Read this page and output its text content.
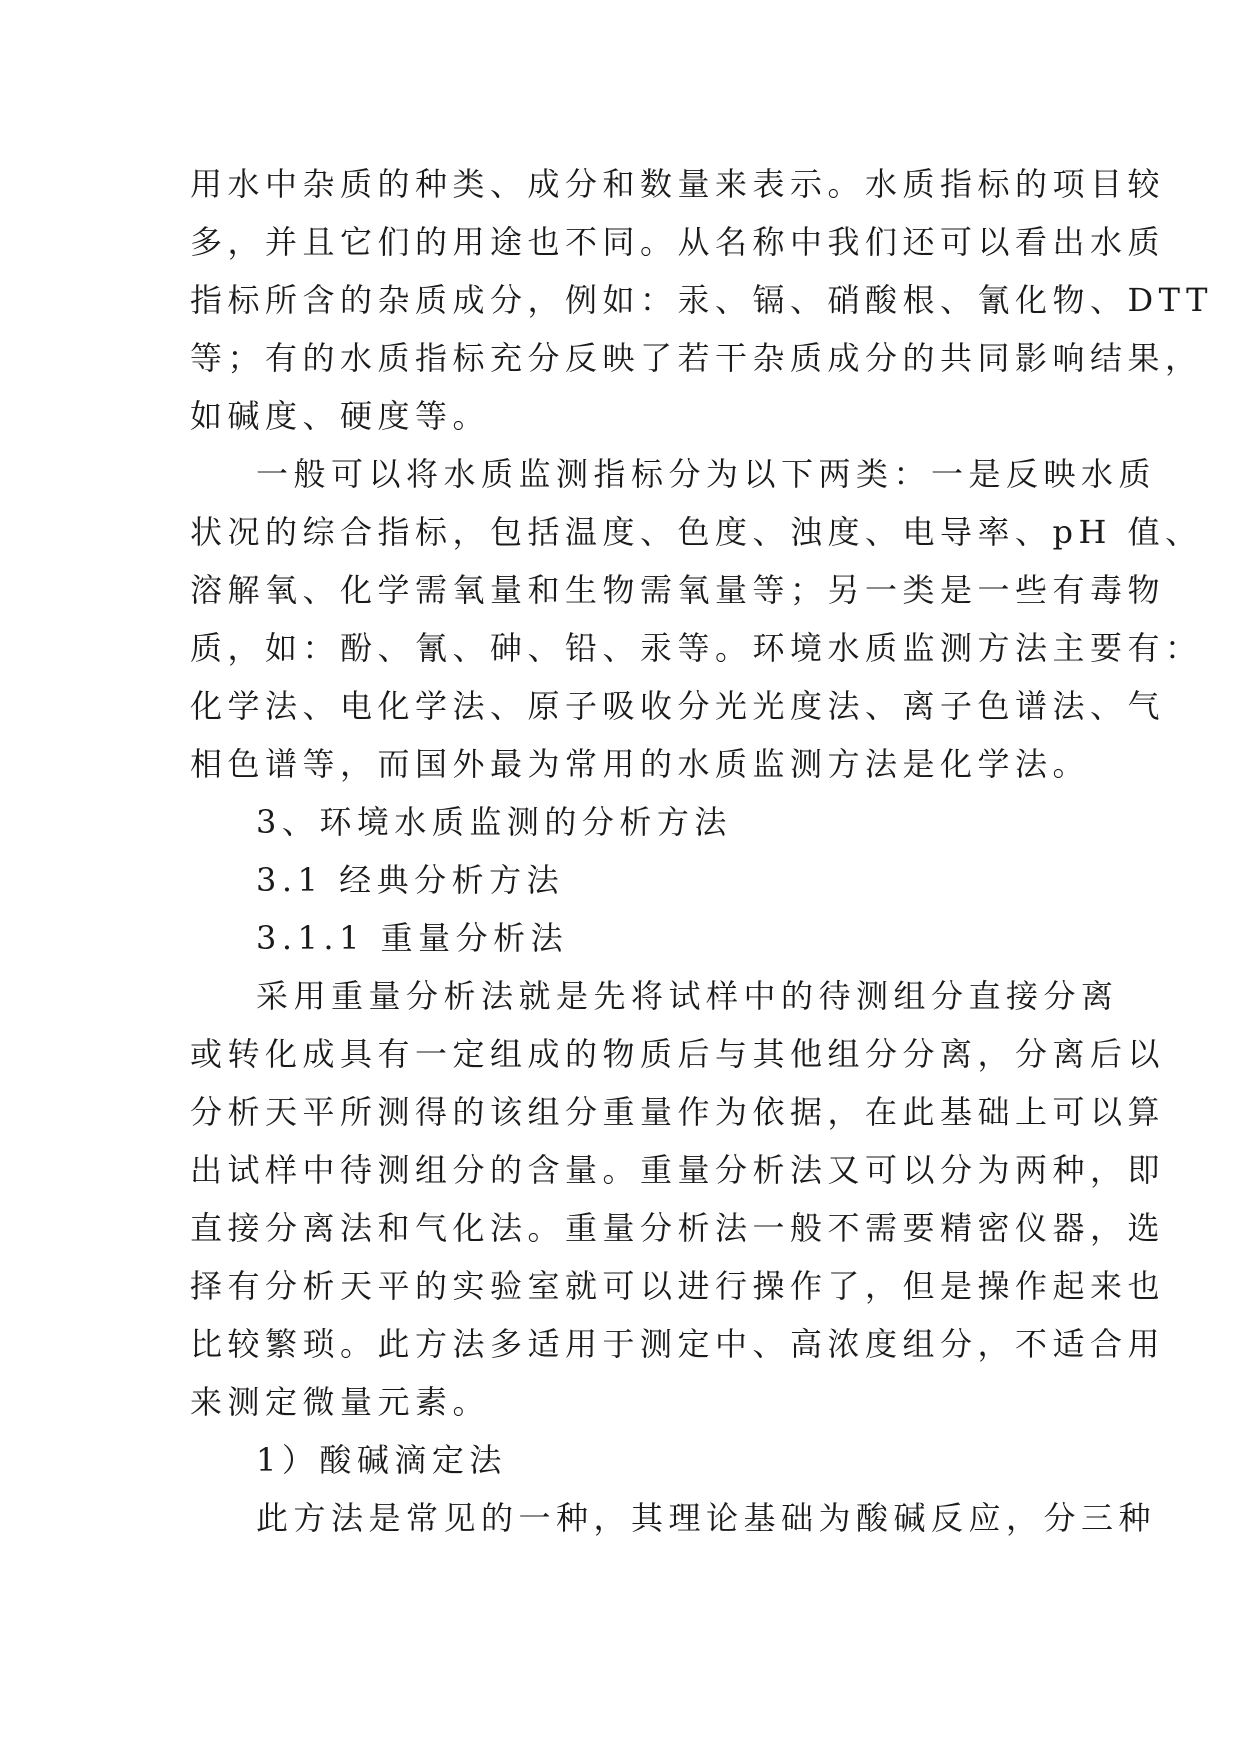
用水中杂质的种类、成分和数量来表示。水质指标的项目较
多，并且它们的用途也不同。从名称中我们还可以看出水质
指标所含的杂质成分，例如：汞、镉、硝酸根、氰化物、DTT
等；有的水质指标充分反映了若干杂质成分的共同影响结果，
如碱度、硬度等。
一般可以将水质监测指标分为以下两类：一是反映水质
状况的综合指标，包括温度、色度、浊度、电导率、pH 值、
溶解氧、化学需氧量和生物需氧量等；另一类是一些有毒物
质，如：酚、氰、砷、铅、汞等。环境水质监测方法主要有：
化学法、电化学法、原子吸收分光光度法、离子色谱法、气
相色谱等，而国外最为常用的水质监测方法是化学法。
3、环境水质监测的分析方法
3.1 经典分析方法
3.1.1 重量分析法
采用重量分析法就是先将试样中的待测组分直接分离
或转化成具有一定组成的物质后与其他组分分离，分离后以
分析天平所测得的该组分重量作为依据，在此基础上可以算
出试样中待测组分的含量。重量分析法又可以分为两种，即
直接分离法和气化法。重量分析法一般不需要精密仪器，选
择有分析天平的实验室就可以进行操作了，但是操作起来也
比较繁琐。此方法多适用于测定中、高浓度组分，不适合用
来测定微量元素。
1）酸碱滴定法
此方法是常见的一种，其理论基础为酸碱反应，分三种
